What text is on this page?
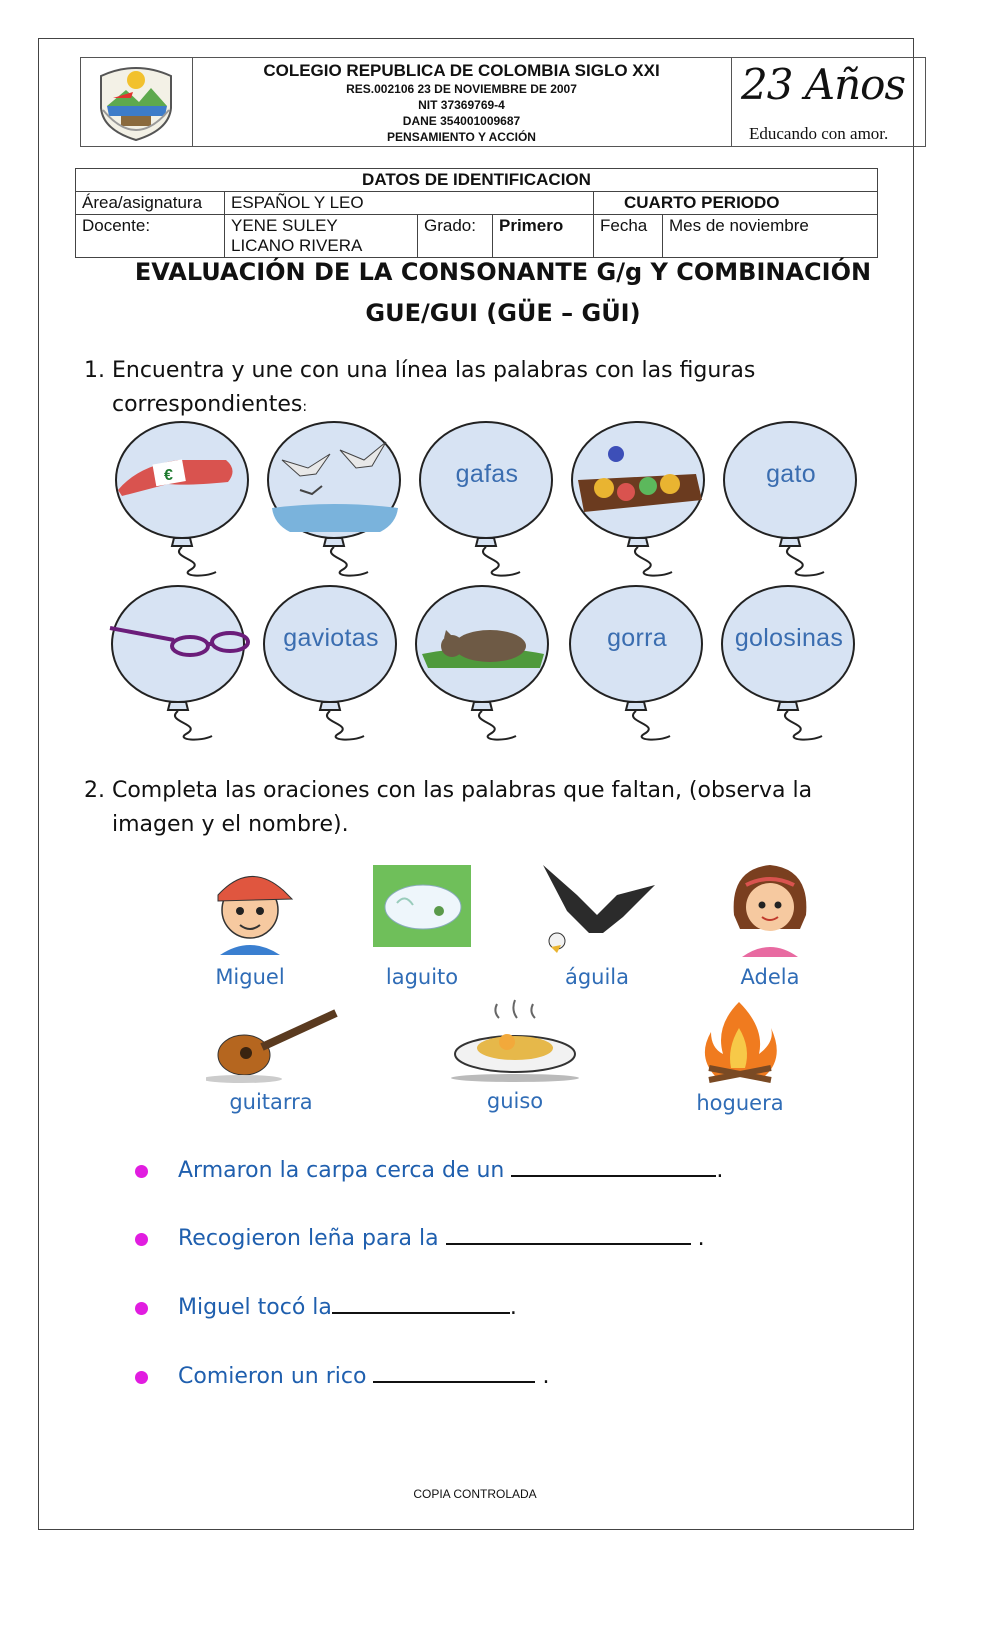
COLEGIO REPUBLICA DE COLOMBIA SIGLO XXI
RES.002106 23 DE NOVIEMBRE DE 2007
NIT 37369769-4
DANE 354001009687
PENSAMIENTO Y ACCIÓN
23 Años
Educando con amor.
DATOS DE IDENTIFICACION					
Área/asignatura	ESPAÑOL Y LEO			CUARTO PERIODO	
Docente:	YENE SULEY
LICANO RIVERA	Grado:	Primero	Fecha	Mes de noviembre
EVALUACIÓN DE LA CONSONANTE G/g Y COMBINACIÓN
GUE/GUI (GÜE – GÜI)
1. Encuentra y une con una línea las palabras con las figuras
correspondientes:
€	gafas	gato
gaviotas	gorra	golosinas
2. Completa las oraciones con las palabras que faltan, (observa la
imagen y el nombre).
Miguel	laguito	águila	Adela
guitarra	guiso	hoguera
Armaron la carpa cerca de un	.
Recogieron leña para la	.
Miguel tocó la	.
Comieron un rico	.
COPIA CONTROLADA
